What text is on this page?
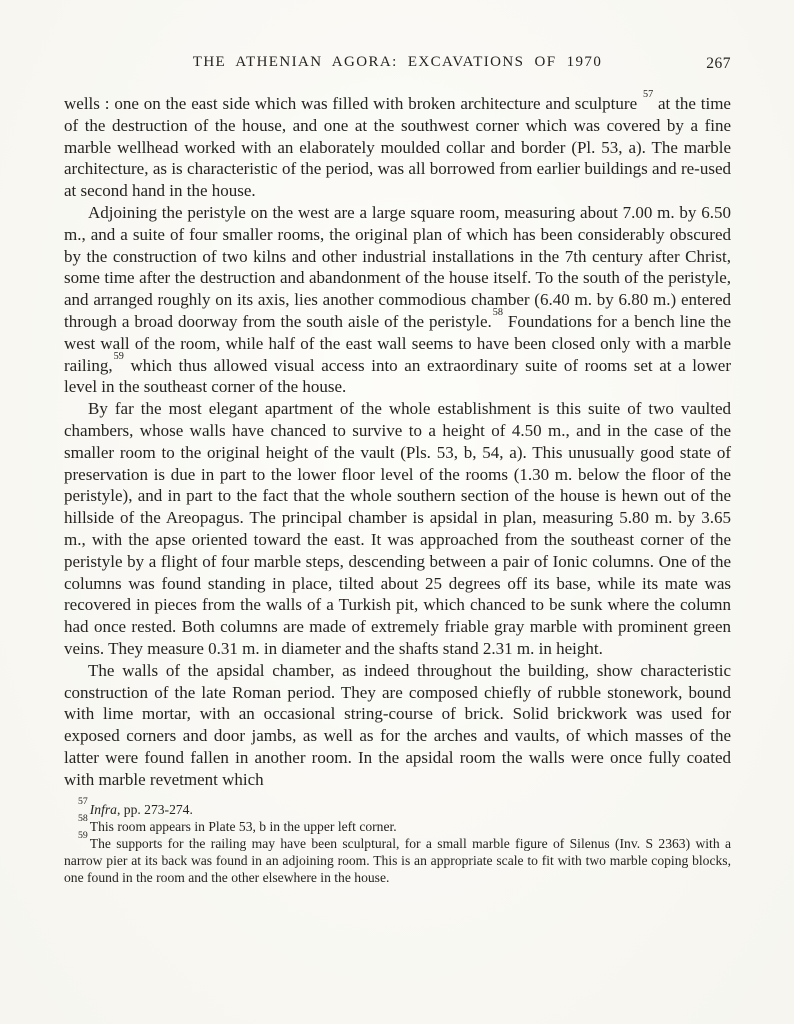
THE ATHENIAN AGORA: EXCAVATIONS OF 1970	267

wells : one on the east side which was filled with broken architecture and sculpture $^{57}$ at the time of the destruction of the house, and one at the southwest corner which was covered by a fine marble wellhead worked with an elaborately moulded collar and border (Pl. 53, a). The marble architecture, as is characteristic of the period, was all borrowed from earlier buildings and re-used at second hand in the house.

Adjoining the peristyle on the west are a large square room, measuring about 7.00 m. by 6.50 m., and a suite of four smaller rooms, the original plan of which has been considerably obscured by the construction of two kilns and other industrial installations in the 7th century after Christ, some time after the destruction and abandonment of the house itself. To the south of the peristyle, and arranged roughly on its axis, lies another commodious chamber (6.40 m. by 6.80 m.) entered through a broad doorway from the south aisle of the peristyle.$^{58}$ Foundations for a bench line the west wall of the room, while half of the east wall seems to have been closed only with a marble railing,$^{59}$ which thus allowed visual access into an extraordinary suite of rooms set at a lower level in the southeast corner of the house.

By far the most elegant apartment of the whole establishment is this suite of two vaulted chambers, whose walls have chanced to survive to a height of 4.50 m., and in the case of the smaller room to the original height of the vault (Pls. 53, b, 54, a). This unusually good state of preservation is due in part to the lower floor level of the rooms (1.30 m. below the floor of the peristyle), and in part to the fact that the whole southern section of the house is hewn out of the hillside of the Areopagus. The principal chamber is apsidal in plan, measuring 5.80 m. by 3.65 m., with the apse oriented toward the east. It was approached from the southeast corner of the peristyle by a flight of four marble steps, descending between a pair of Ionic columns. One of the columns was found standing in place, tilted about 25 degrees off its base, while its mate was recovered in pieces from the walls of a Turkish pit, which chanced to be sunk where the column had once rested. Both columns are made of extremely friable gray marble with prominent green veins. They measure 0.31 m. in diameter and the shafts stand 2.31 m. in height.

The walls of the apsidal chamber, as indeed throughout the building, show characteristic construction of the late Roman period. They are composed chiefly of rubble stonework, bound with lime mortar, with an occasional string-course of brick. Solid brickwork was used for exposed corners and door jambs, as well as for the arches and vaults, of which masses of the latter were found fallen in another room. In the apsidal room the walls were once fully coated with marble revetment which

$^{57}$Infra, pp. 273-274.

$^{58}$This room appears in Plate 53, b in the upper left corner.

$^{59}$The supports for the railing may have been sculptural, for a small marble figure of Silenus (Inv. S 2363) with a narrow pier at its back was found in an adjoining room. This is an appropriate scale to fit with two marble coping blocks, one found in the room and the other elsewhere in the house.
